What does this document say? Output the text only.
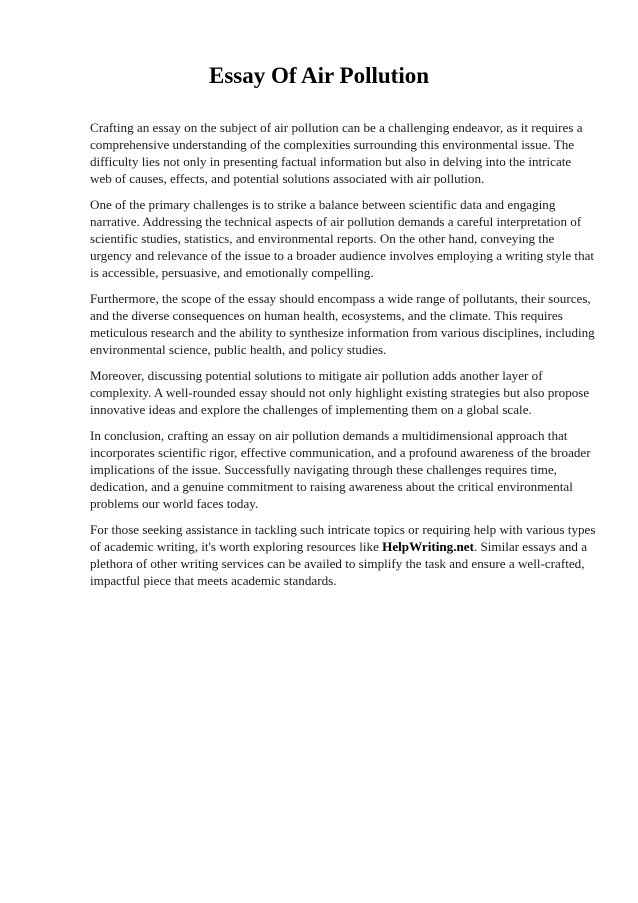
Essay Of Air Pollution

Crafting an essay on the subject of air pollution can be a challenging endeavor, as it requires a comprehensive understanding of the complexities surrounding this environmental issue. The difficulty lies not only in presenting factual information but also in delving into the intricate web of causes, effects, and potential solutions associated with air pollution.

One of the primary challenges is to strike a balance between scientific data and engaging narrative. Addressing the technical aspects of air pollution demands a careful interpretation of scientific studies, statistics, and environmental reports. On the other hand, conveying the urgency and relevance of the issue to a broader audience involves employing a writing style that is accessible, persuasive, and emotionally compelling.

Furthermore, the scope of the essay should encompass a wide range of pollutants, their sources, and the diverse consequences on human health, ecosystems, and the climate. This requires meticulous research and the ability to synthesize information from various disciplines, including environmental science, public health, and policy studies.

Moreover, discussing potential solutions to mitigate air pollution adds another layer of complexity. A well-rounded essay should not only highlight existing strategies but also propose innovative ideas and explore the challenges of implementing them on a global scale.

In conclusion, crafting an essay on air pollution demands a multidimensional approach that incorporates scientific rigor, effective communication, and a profound awareness of the broader implications of the issue. Successfully navigating through these challenges requires time, dedication, and a genuine commitment to raising awareness about the critical environmental problems our world faces today.

For those seeking assistance in tackling such intricate topics or requiring help with various types of academic writing, it's worth exploring resources like HelpWriting.net. Similar essays and a plethora of other writing services can be availed to simplify the task and ensure a well-crafted, impactful piece that meets academic standards.
